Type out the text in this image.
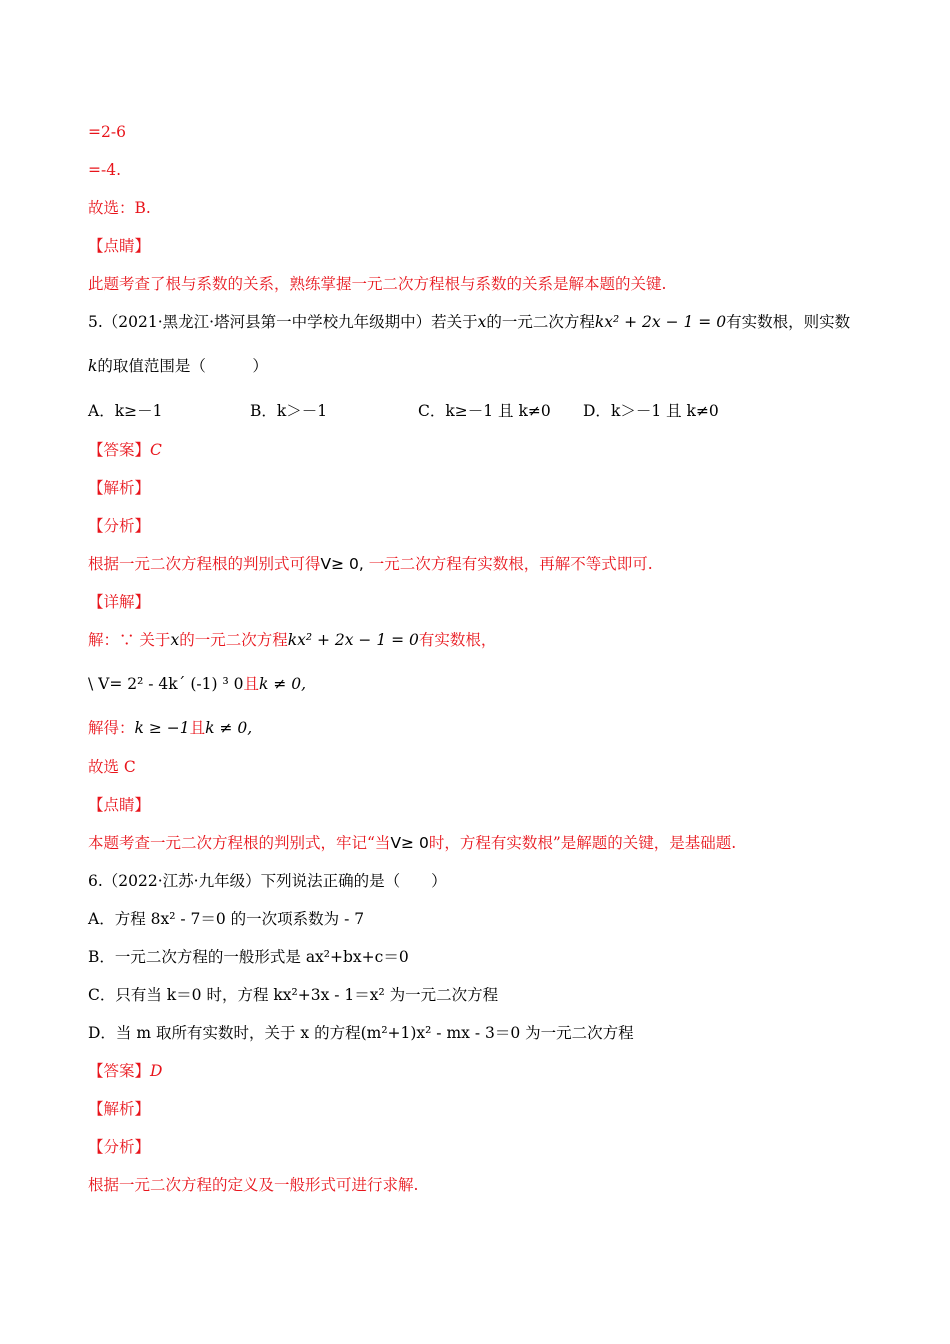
=2-6
=-4.
故选：B.
【点睛】
此题考查了根与系数的关系，熟练掌握一元二次方程根与系数的关系是解本题的关键.
5.（2021·黑龙江·塔河县第一中学校九年级期中）若关于x的一元二次方程kx² + 2x − 1 = 0有实数根，则实数
k的取值范围是（　　　）
A．k≥－1	B．k＞－1	C．k≥－1 且 k≠0 D．k＞－1 且 k≠0
【答案】C
【解析】
【分析】
根据一元二次方程根的判别式可得V≥ 0, 一元二次方程有实数根，再解不等式即可.
【详解】
解：∵ 关于x的一元二次方程kx² + 2x − 1 = 0有实数根，
\ V= 2² - 4k´ (-1) ³ 0且k ≠ 0,
解得：k ≥ −1且k ≠ 0,
故选 C
【点睛】
本题考查一元二次方程根的判别式，牢记“当V≥ 0时，方程有实数根”是解题的关键，是基础题.
6.（2022·江苏·九年级）下列说法正确的是（　　）
A．方程 8x² - 7＝0 的一次项系数为 - 7
B．一元二次方程的一般形式是 ax²+bx+c＝0
C．只有当 k＝0 时，方程 kx²+3x - 1＝x² 为一元二次方程
D．当 m 取所有实数时，关于 x 的方程(m²+1)x² - mx - 3＝0 为一元二次方程
【答案】D
【解析】
【分析】
根据一元二次方程的定义及一般形式可进行求解.
